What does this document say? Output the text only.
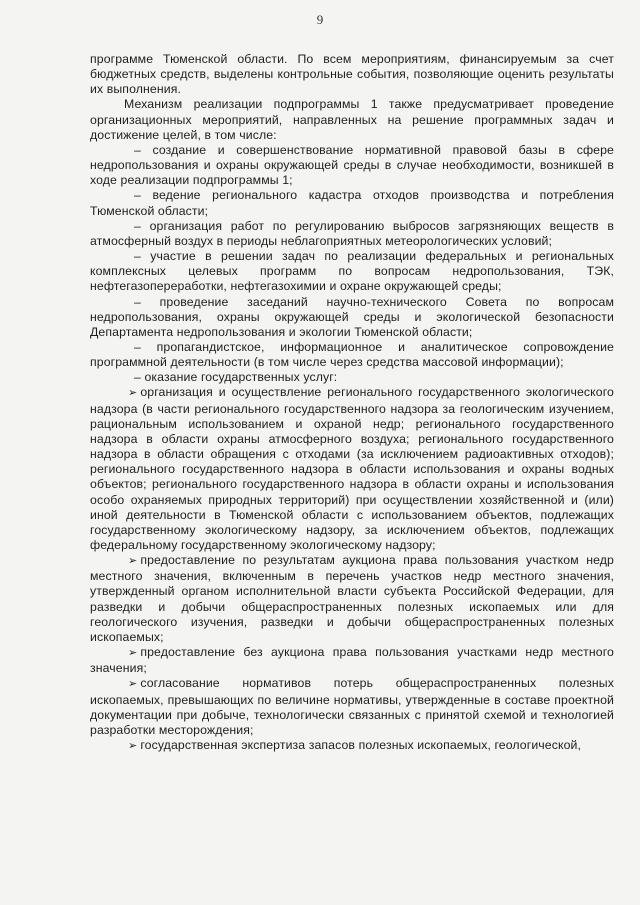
9

программе Тюменской области. По всем мероприятиям, финансируемым за счет бюджетных средств, выделены контрольные события, позволяющие оценить результаты их выполнения.

Механизм реализации подпрограммы 1 также предусматривает проведение организационных мероприятий, направленных на решение программных задач и достижение целей, в том числе:

– создание и совершенствование нормативной правовой базы в сфере недропользования и охраны окружающей среды в случае необходимости, возникшей в ходе реализации подпрограммы 1;

– ведение регионального кадастра отходов производства и потребления Тюменской области;

– организация работ по регулированию выбросов загрязняющих веществ в атмосферный воздух в периоды неблагоприятных метеорологических условий;

– участие в решении задач по реализации федеральных и региональных комплексных целевых программ по вопросам недропользования, ТЭК, нефтегазопереработки, нефтегазохимии и охране окружающей среды;

– проведение заседаний научно-технического Совета по вопросам недропользования, охраны окружающей среды и экологической безопасности Департамента недропользования и экологии Тюменской области;

– пропагандистское, информационное и аналитическое сопровождение программной деятельности (в том числе через средства массовой информации);

– оказание государственных услуг:

➢ организация и осуществление регионального государственного экологического надзора (в части регионального государственного надзора за геологическим изучением, рациональным использованием и охраной недр; регионального государственного надзора в области охраны атмосферного воздуха; регионального государственного надзора в области обращения с отходами (за исключением радиоактивных отходов); регионального государственного надзора в области использования и охраны водных объектов; регионального государственного надзора в области охраны и использования особо охраняемых природных территорий) при осуществлении хозяйственной и (или) иной деятельности в Тюменской области с использованием объектов, подлежащих государственному экологическому надзору, за исключением объектов, подлежащих федеральному государственному экологическому надзору;

➢ предоставление по результатам аукциона права пользования участком недр местного значения, включенным в перечень участков недр местного значения, утвержденный органом исполнительной власти субъекта Российской Федерации, для разведки и добычи общераспространенных полезных ископаемых или для геологического изучения, разведки и добычи общераспространенных полезных ископаемых;

➢ предоставление без аукциона права пользования участками недр местного значения;

➢ согласование нормативов потерь общераспространенных полезных ископаемых, превышающих по величине нормативы, утвержденные в составе проектной документации при добыче, технологически связанных с принятой схемой и технологией разработки месторождения;

➢ государственная экспертиза запасов полезных ископаемых, геологической,
